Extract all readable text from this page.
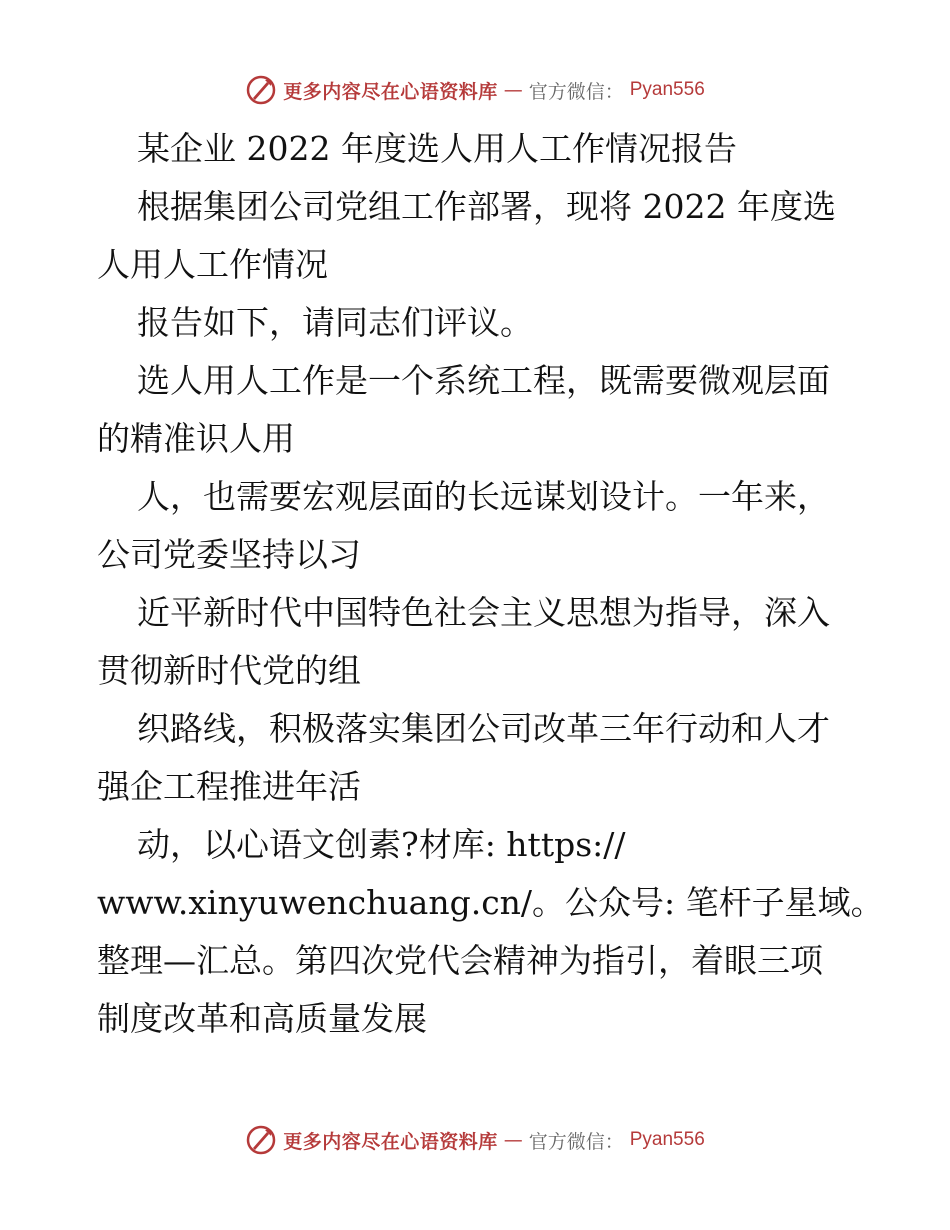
更多内容尽在心语资料库 — 官方微信： Pyan556
某企业 2022 年度选人用人工作情况报告
根据集团公司党组工作部署，现将 2022 年度选
人用人工作情况
报告如下，请同志们评议。
选人用人工作是一个系统工程，既需要微观层面
的精准识人用
人，也需要宏观层面的长远谋划设计。一年来，
公司党委坚持以习
近平新时代中国特色社会主义思想为指导，深入
贯彻新时代党的组
织路线，积极落实集团公司改革三年行动和人才
强企工程推进年活
动，以心语文创素?材库: https://
www.xinyuwenchuang.cn/。公众号: 笔杆子星域。
整理—汇总。第四次党代会精神为指引，着眼三项
制度改革和高质量发展
更多内容尽在心语资料库 — 官方微信： Pyan556
